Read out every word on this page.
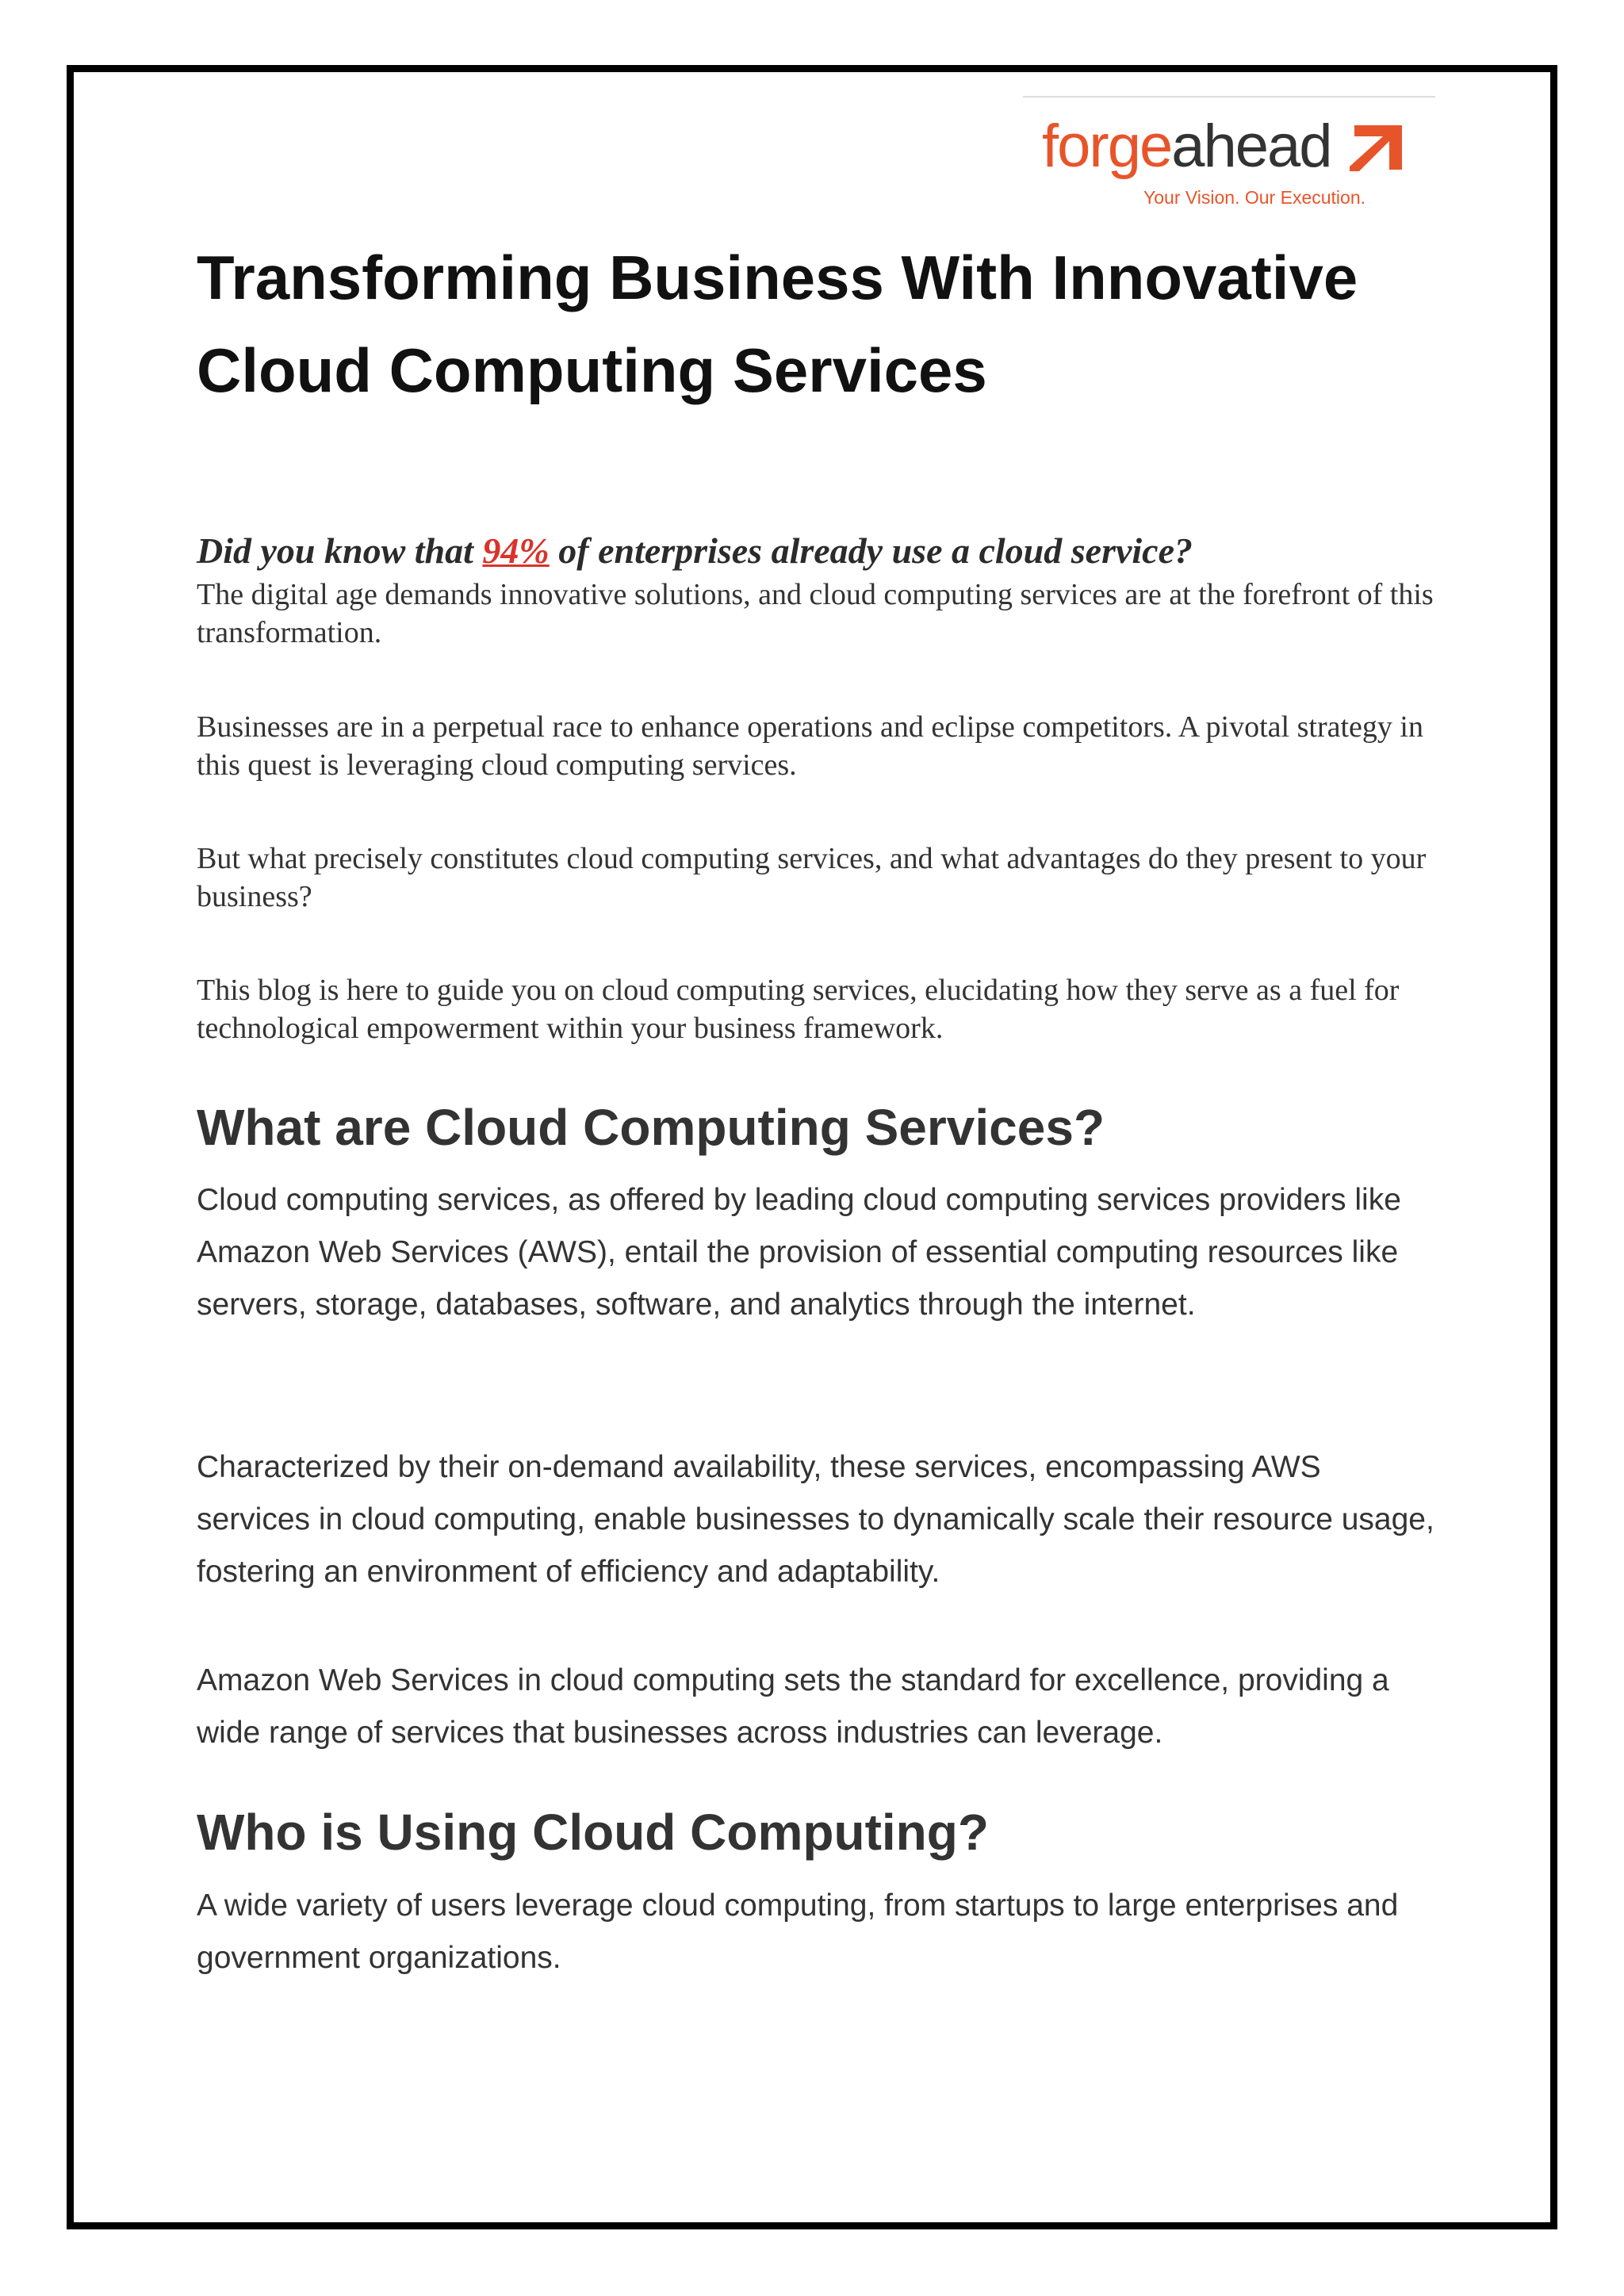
forgeahead
Your Vision. Our Execution.
Transforming Business With Innovative Cloud Computing Services

Did you know that 94% of enterprises already use a cloud service?

The digital age demands innovative solutions, and cloud computing services are at the forefront of this transformation.

Businesses are in a perpetual race to enhance operations and eclipse competitors. A pivotal strategy in this quest is leveraging cloud computing services.

But what precisely constitutes cloud computing services, and what advantages do they present to your business?

This blog is here to guide you on cloud computing services, elucidating how they serve as a fuel for technological empowerment within your business framework.

What are Cloud Computing Services?

Cloud computing services, as offered by leading cloud computing services providers like Amazon Web Services (AWS), entail the provision of essential computing resources like servers, storage, databases, software, and analytics through the internet.

Characterized by their on-demand availability, these services, encompassing AWS services in cloud computing, enable businesses to dynamically scale their resource usage, fostering an environment of efficiency and adaptability.

Amazon Web Services in cloud computing sets the standard for excellence, providing a wide range of services that businesses across industries can leverage.

Who is Using Cloud Computing?

A wide variety of users leverage cloud computing, from startups to large enterprises and government organizations.
